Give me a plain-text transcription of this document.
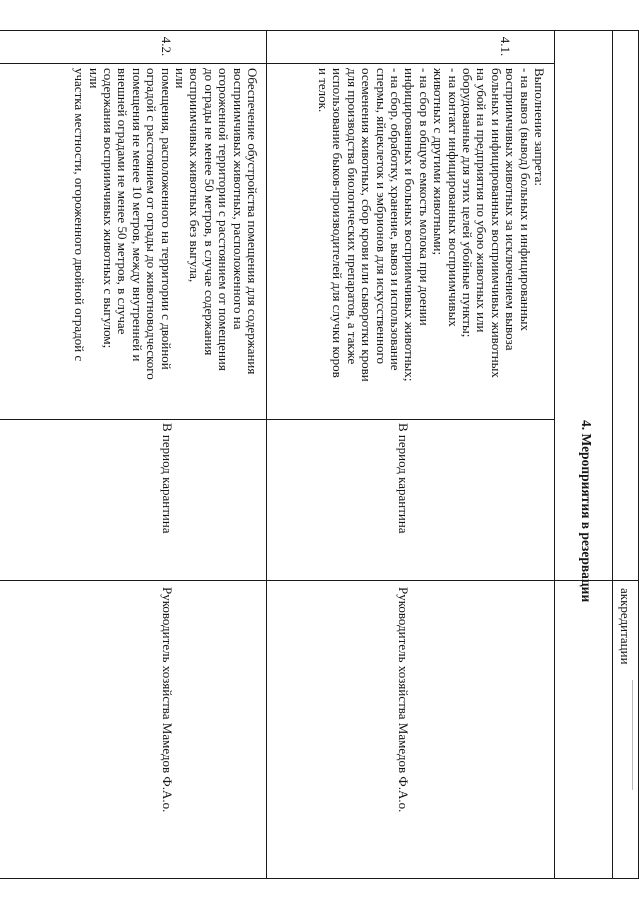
аккредитации
4. Мероприятия в резервации
4.1.

Выполнение запрета:

- на вывоз (вывод) больных и инфицированных

восприимчивых животных за исключением вывоза

больных и инфицированных восприимчивых животных

на убой на предприятия по убою животных или

оборудованные для этих целей убойные пункты;

- на контакт инфицированных восприимчивых

животных с другими животными;

- на сбор в общую емкость молока при доении

инфицированных и больных восприимчивых животных;

- на сбор, обработку, хранение, вывоз и использование

спермы, яйцеклеток и эмбрионов для искусственного

осеменения животных, сбор крови или сыворотки крови

для производства биологических препаратов, а также

использование быков-производителей для случки коров

и телок.

В период карантина
Руководитель хозяйства Мамедов Ф.А.о.
4.2.

Обеспечение обустройства помещения для содержания

восприимчивых животных, расположенного на

огороженной территории с расстоянием от помещения

до ограды не менее 50 метров, в случае содержания

восприимчивых животных без выгула,

или

помещения, расположенного на территории с двойной

оградой с расстоянием от ограды до животноводческого

помещения не менее 10 метров, между внутренней и

внешней оградами не менее 50 метров, в случае

содержания восприимчивых животных с выгулом;

или

участка местности, огороженного двойной оградой с

В период карантина
Руководитель хозяйства Мамедов Ф.А.о.
